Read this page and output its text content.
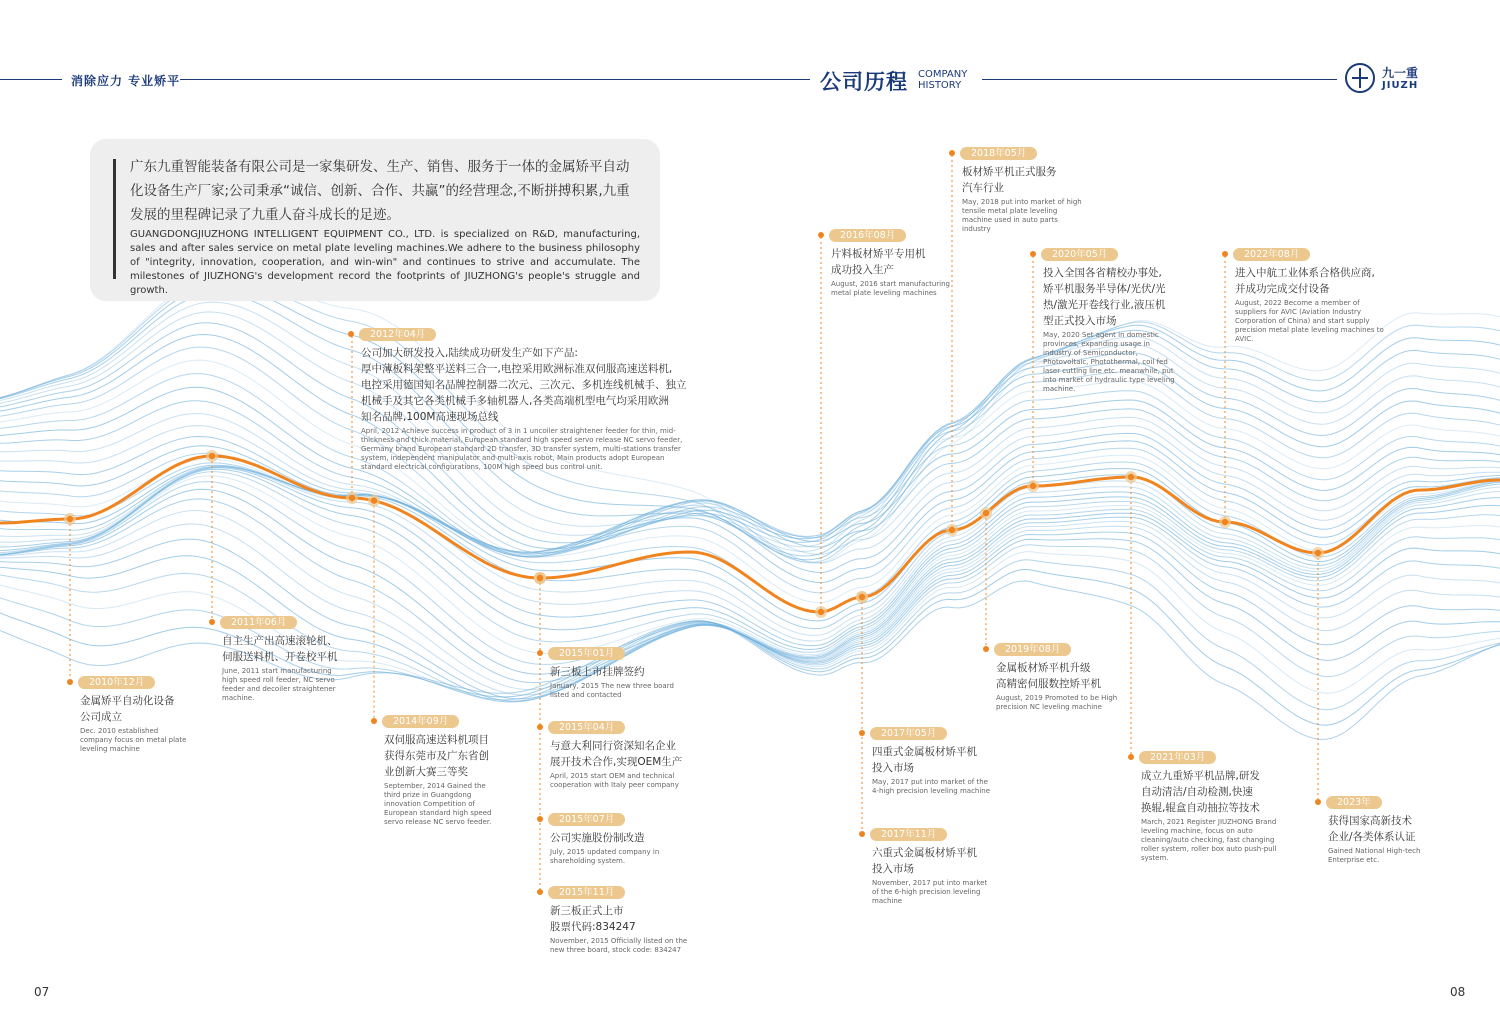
消除应力 专业矫平	公司历程 COMPANY
HISTORY
九一重
JIUZH
广东九重智能装备有限公司是一家集研发、生产、销售、服务于一体的金属矫平自动化设备生产厂家;公司秉承“诚信、创新、合作、共赢”的经营理念,不断拼搏积累,九重发展的里程碑记录了九重人奋斗成长的足迹。
GUANGDONGJIUZHONG INTELLIGENT EQUIPMENT CO., LTD. is specialized on R&D, manufacturing, sales and after sales service on metal plate leveling machines.We adhere to the business philosophy of "integrity, innovation, cooperation, and win-win" and continues to strive and accumulate. The milestones of JIUZHONG's development record the footprints of JIUZHONG's people's struggle and growth.
2010年12月
金属矫平自动化设备
公司成立
Dec. 2010 established company focus on metal plate leveling machine
2011年06月
自主生产出高速滚轮机、
伺服送料机、开卷校平机
June, 2011 start manufacturing high speed roll feeder, NC servo feeder and decoiler straightener machine.
2012年04月
公司加大研发投入,陆续成功研发生产如下产品:
厚中薄板料架整平送料三合一,电控采用欧洲标准双伺服高速送料机,
电控采用德国知名品牌控制器二次元、三次元、多机连线机械手、独立
机械手及其它各类机械手多轴机器人,各类高端机型电气均采用欧洲
知名品牌,100M高速现场总线
April, 2012 Achieve success in product of 3 in 1 uncoiler straightener feeder for thin, mid-thickness and thick material, European standard high speed servo release NC servo feeder, Germany brand European standard 2D transfer, 3D transfer system, multi-stations transfer system, independent manipulator and multi-axis robot, Main products adopt European standard electrical configurations, 100M high speed bus control unit.
2014年09月
双伺服高速送料机项目
获得东莞市及广东省创
业创新大赛三等奖
September, 2014 Gained the third prize in Guangdong innovation Competition of European standard high speed servo release NC servo feeder.
2015年01月
新三板上市挂牌签约
January, 2015 The new three board listed and contacted
2015年04月
与意大利同行资深知名企业
展开技术合作,实现OEM生产
April, 2015 start OEM and technical cooperation with Italy peer company
2015年07月
公司实施股份制改造
July, 2015 updated company in shareholding system.
2015年11月
新三板正式上市
股票代码:834247
November, 2015 Officially listed on the new three board, stock code: 834247
2016年08月
片料板材矫平专用机
成功投入生产
August, 2016 start manufacturing metal plate leveling machines
2017年05月
四重式金属板材矫平机
投入市场
May, 2017 put into market of the 4-high precision leveling machine
2017年11月
六重式金属板材矫平机
投入市场
November, 2017 put into market of the 6-high precision leveling machine
2018年05月
板材矫平机正式服务
汽车行业
May, 2018 put into market of high tensile metal plate leveling machine used in auto parts industry
2019年08月
金属板材矫平机升级
高精密伺服数控矫平机
August, 2019 Promoted to be High precision NC leveling machine
2020年05月
投入全国各省精校办事处,
矫平机服务半导体/光伏/光
热/激光开卷线行业,液压机
型正式投入市场
May, 2020 Set agent in domestic provinces, expanding usage in industry of Semiconductor, Photovoltaic, Photothermal, coil fed laser cutting line etc. meanwhile, put into market of hydraulic type leveling machine.
2021年03月
成立九重矫平机品牌,研发
自动清洁/自动检测,快速
换辊,辊盒自动抽拉等技术
March, 2021 Register JIUZHONG Brand leveling machine, focus on auto cleaning/auto checking, fast changing roller system, roller box auto push-pull system.
2022年08月
进入中航工业体系合格供应商,
并成功完成交付设备
August, 2022 Become a member of suppliers for AVIC (Aviation Industry Corporation of China) and start supply precision metal plate leveling machines to AVIC.
2023年
获得国家高新技术
企业/各类体系认证
Gained National High-tech Enterprise etc.
07	08
